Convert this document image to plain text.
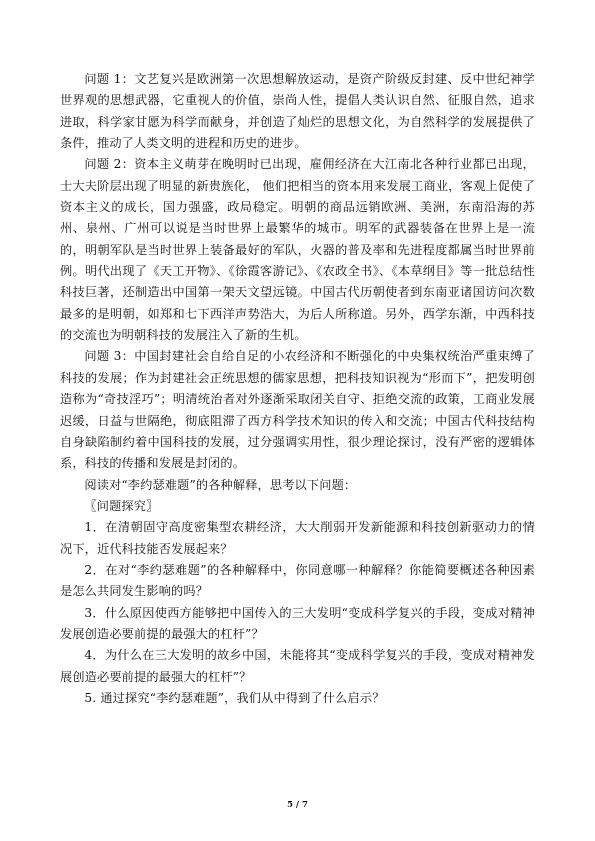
问题 1：文艺复兴是欧洲第一次思想解放运动，是资产阶级反封建、反中世纪神学世界观的思想武器，它重视人的价值，崇尚人性，提倡人类认识自然、征服自然，追求进取，科学家甘愿为科学而献身，并创造了灿烂的思想文化，为自然科学的发展提供了条件，推动了人类文明的进程和历史的进步。

问题 2：资本主义萌芽在晚明时已出现，雇佣经济在大江南北各种行业都已出现，士大夫阶层出现了明显的新贵族化， 他们把相当的资本用来发展工商业，客观上促使了资本主义的成长，国力强盛，政局稳定。明朝的商品远销欧洲、美洲，东南沿海的苏州、泉州、广州可以说是当时世界上最繁华的城市。明军的武器装备在世界上是一流的，明朝军队是当时世界上装备最好的军队，火器的普及率和先进程度都属当时世界前例。明代出现了《天工开物》、《徐霞客游记》、《农政全书》、《本草纲目》等一批总结性科技巨著，还制造出中国第一架天文望远镜。中国古代历朝使者到东南亚诸国访问次数最多的是明朝，如郑和七下西洋声势浩大，为后人所称道。另外，西学东渐，中西科技的交流也为明朝科技的发展注入了新的生机。

问题 3：中国封建社会自给自足的小农经济和不断强化的中央集权统治严重束缚了科技的发展；作为封建社会正统思想的儒家思想，把科技知识视为“形而下”，把发明创造称为“奇技淫巧”；明清统治者对外逐渐采取闭关自守、拒绝交流的政策，工商业发展迟缓，日益与世隔绝，彻底阻滞了西方科学技术知识的传入和交流；中国古代科技结构自身缺陷制约着中国科技的发展，过分强调实用性，很少理论探讨，没有严密的逻辑体系，科技的传播和发展是封闭的。

阅读对“李约瑟难题”的各种解释，思考以下问题：

〖问题探究〗

1．在清朝固守高度密集型农耕经济，大大削弱开发新能源和科技创新驱动力的情况下，近代科技能否发展起来？

2．在对“李约瑟难题”的各种解释中，你同意哪一种解释？你能简要概述各种因素是怎么共同发生影响的吗？

3．什么原因使西方能够把中国传入的三大发明“变成科学复兴的手段，变成对精神发展创造必要前提的最强大的杠杆”？

4．为什么在三大发明的故乡中国，未能将其“变成科学复兴的手段，变成对精神发展创造必要前提的最强大的杠杆”？

5. 通过探究“李约瑟难题”，我们从中得到了什么启示？

5 / 7
